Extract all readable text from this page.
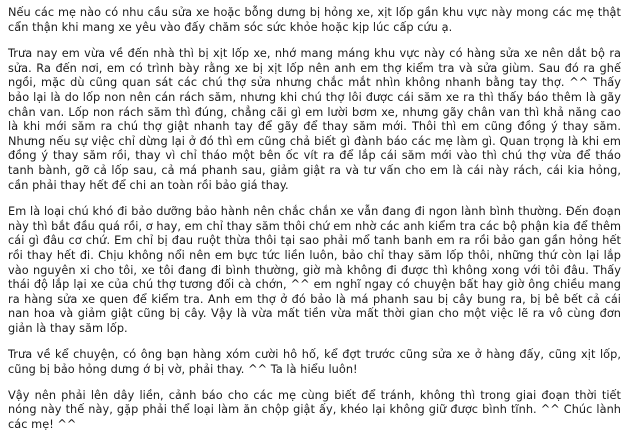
Nếu các mẹ nào có nhu cầu sửa xe hoặc bỗng dưng bị hỏng xe, xịt lốp gần khu vực này mong các mẹ thật cẩn thận khi mang xe yêu vào đấy chăm sóc sức khỏe hoặc kịp lúc cấp cứu ạ.

Trưa nay em vừa về đến nhà thì bị xịt lốp xe, nhớ mang máng khu vực này có hàng sửa xe nên dắt bộ ra sửa. Ra đến nơi, em có trình bày rằng xe bị xịt lốp nên anh em thợ kiểm tra và sửa giùm. Sau đó ra ghế ngồi, mặc dù cũng quan sát các chú thợ sửa nhưng chắc mắt nhìn không nhanh bằng tay thợ. ^^ Thấy bảo lại là do lốp non nên cán rách săm, nhưng khi chú thợ lôi được cái săm xe ra thì thấy báo thêm là gãy chân van. Lốp non rách săm thì đúng, chẳng cãi gì em lười bơm xe, nhưng gãy chân van thì khả năng cao là khi mới săm ra chú thợ giật nhanh tay để gãy để thay săm mới. Thôi thì em cũng đồng ý thay săm. Nhưng nếu sự việc chỉ dừng lại ở đó thì em cũng chả biết gì đành báo các mẹ làm gì. Quan trọng là khi em đồng ý thay săm rồi, thay vì chỉ tháo một bên ốc vít ra để lắp cái săm mới vào thì chú thợ vừa để tháo tanh bành, gỡ cả lốp sau, cả má phanh sau, giảm giật ra và tư vấn cho em là cái này rách, cái kia hỏng, cần phải thay hết để chi an toàn rồi bảo giá thay.

Em là loại chú khó đi bảo dưỡng bảo hành nên chắc chắn xe vẫn đang đi ngon lành bình thường. Đến đoạn này thì bắt đầu quá rồi, ơ hay, em chỉ thay săm thôi chứ em nhờ các anh kiểm tra các bộ phận kia để thêm cái gì đâu cơ chứ. Em chỉ bị đau ruột thừa thôi tại sao phải mổ tanh banh em ra rồi bảo gan gần hỏng hết rồi thay hết đi. Chịu không nổi nên em bực tức liền luôn, bảo chỉ thay săm lốp thôi, những thứ còn lại lắp vào nguyên xi cho tôi, xe tôi đang đi bình thường, giờ mà không đi được thì không xong với tôi đâu. Thấy thái độ lắp lại xe của chú thợ tương đối cà chớn, ^^ em nghĩ ngay có chuyện bất hay giờ ông chiều mang ra hàng sửa xe quen để kiểm tra. Anh em thợ ở đó bảo là má phanh sau bị cây bung ra, bị bê bết cả cái nan hoa và giảm giật cũng bị cây. Vậy là vừa mất tiền vừa mất thời gian cho một việc lẽ ra vô cùng đơn giản là thay săm lốp.

Trưa về kể chuyện, có ông bạn hàng xóm cười hô hố, kể đợt trước cũng sửa xe ở hàng đấy, cũng xịt lốp, cũng bị bảo hỏng dưng ớ bị vờ, phải thay. ^^ Ta là hiểu luôn!

Vậy nên phải lên dây liền, cảnh báo cho các mẹ cùng biết để tránh, không thì trong giai đoạn thời tiết nóng này thế này, gặp phải thể loại làm ăn chộp giật ấy, khéo lại không giữ được bình tĩnh. ^^ Chúc lành các mẹ! ^^
